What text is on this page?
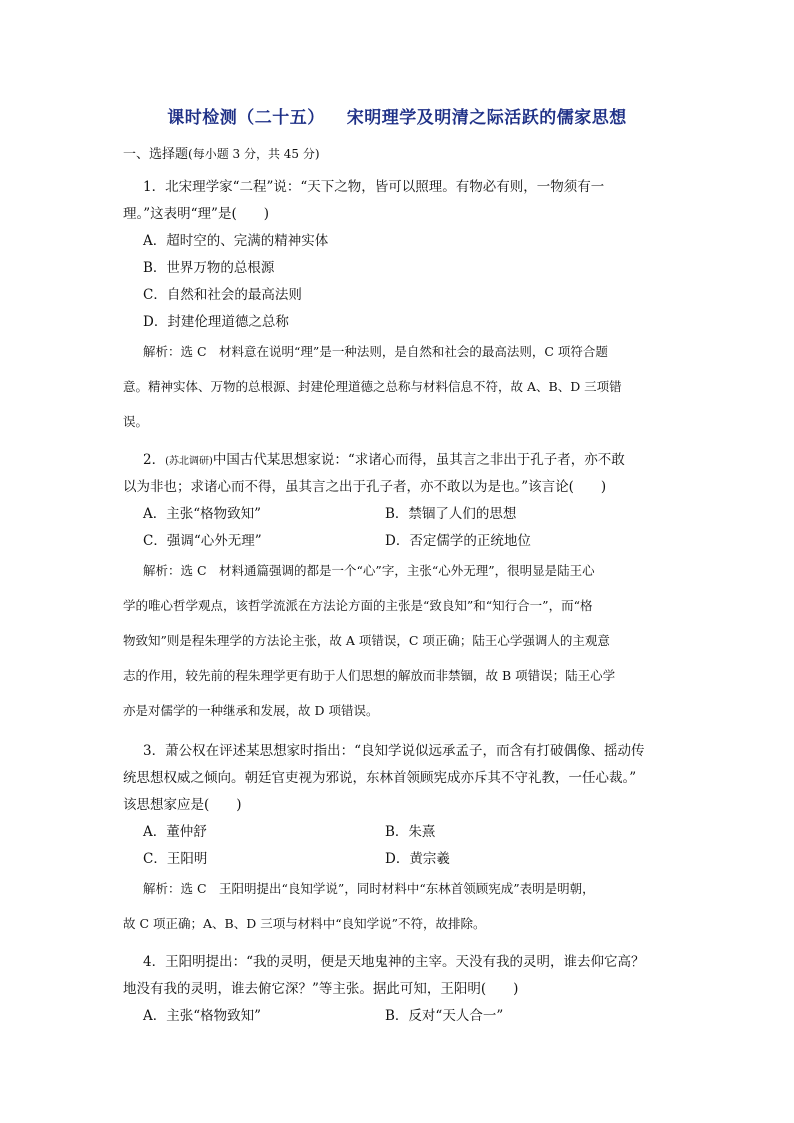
课时检测（二十五） 宋明理学及明清之际活跃的儒家思想
一、选择题(每小题 3 分，共 45 分)
1．北宋理学家“二程”说：“天下之物，皆可以照理。有物必有则，一物须有一
理。”这表明“理”是(　　)
A．超时空的、完满的精神实体
B．世界万物的总根源
C．自然和社会的最高法则
D．封建伦理道德之总称
解析：选 C　材料意在说明“理”是一种法则，是自然和社会的最高法则，C 项符合题
意。精神实体、万物的总根源、封建伦理道德之总称与材料信息不符，故 A、B、D 三项错
误。
2．(苏北调研)中国古代某思想家说：“求诸心而得，虽其言之非出于孔子者，亦不敢
以为非也；求诸心而不得，虽其言之出于孔子者，亦不敢以为是也。”该言论(　　)
A．主张“格物致知”	B．禁锢了人们的思想
C．强调“心外无理”	D．否定儒学的正统地位
解析：选 C　材料通篇强调的都是一个“心”字，主张“心外无理”，很明显是陆王心
学的唯心哲学观点，该哲学流派在方法论方面的主张是“致良知”和“知行合一”，而“格
物致知”则是程朱理学的方法论主张，故 A 项错误，C 项正确；陆王心学强调人的主观意
志的作用，较先前的程朱理学更有助于人们思想的解放而非禁锢，故 B 项错误；陆王心学
亦是对儒学的一种继承和发展，故 D 项错误。
3．萧公权在评述某思想家时指出：“良知学说似远承孟子，而含有打破偶像、摇动传
统思想权威之倾向。朝廷官吏视为邪说，东林首领顾宪成亦斥其不守礼教，一任心裁。”
该思想家应是(　　)
A．董仲舒	B．朱熹
C．王阳明	D．黄宗羲
解析：选 C　王阳明提出“良知学说”，同时材料中“东林首领顾宪成”表明是明朝，
故 C 项正确；A、B、D 三项与材料中“良知学说”不符，故排除。
4．王阳明提出：“我的灵明，便是天地鬼神的主宰。天没有我的灵明，谁去仰它高？
地没有我的灵明，谁去俯它深？”等主张。据此可知，王阳明(　　)
A．主张“格物致知”	B．反对“天人合一”
